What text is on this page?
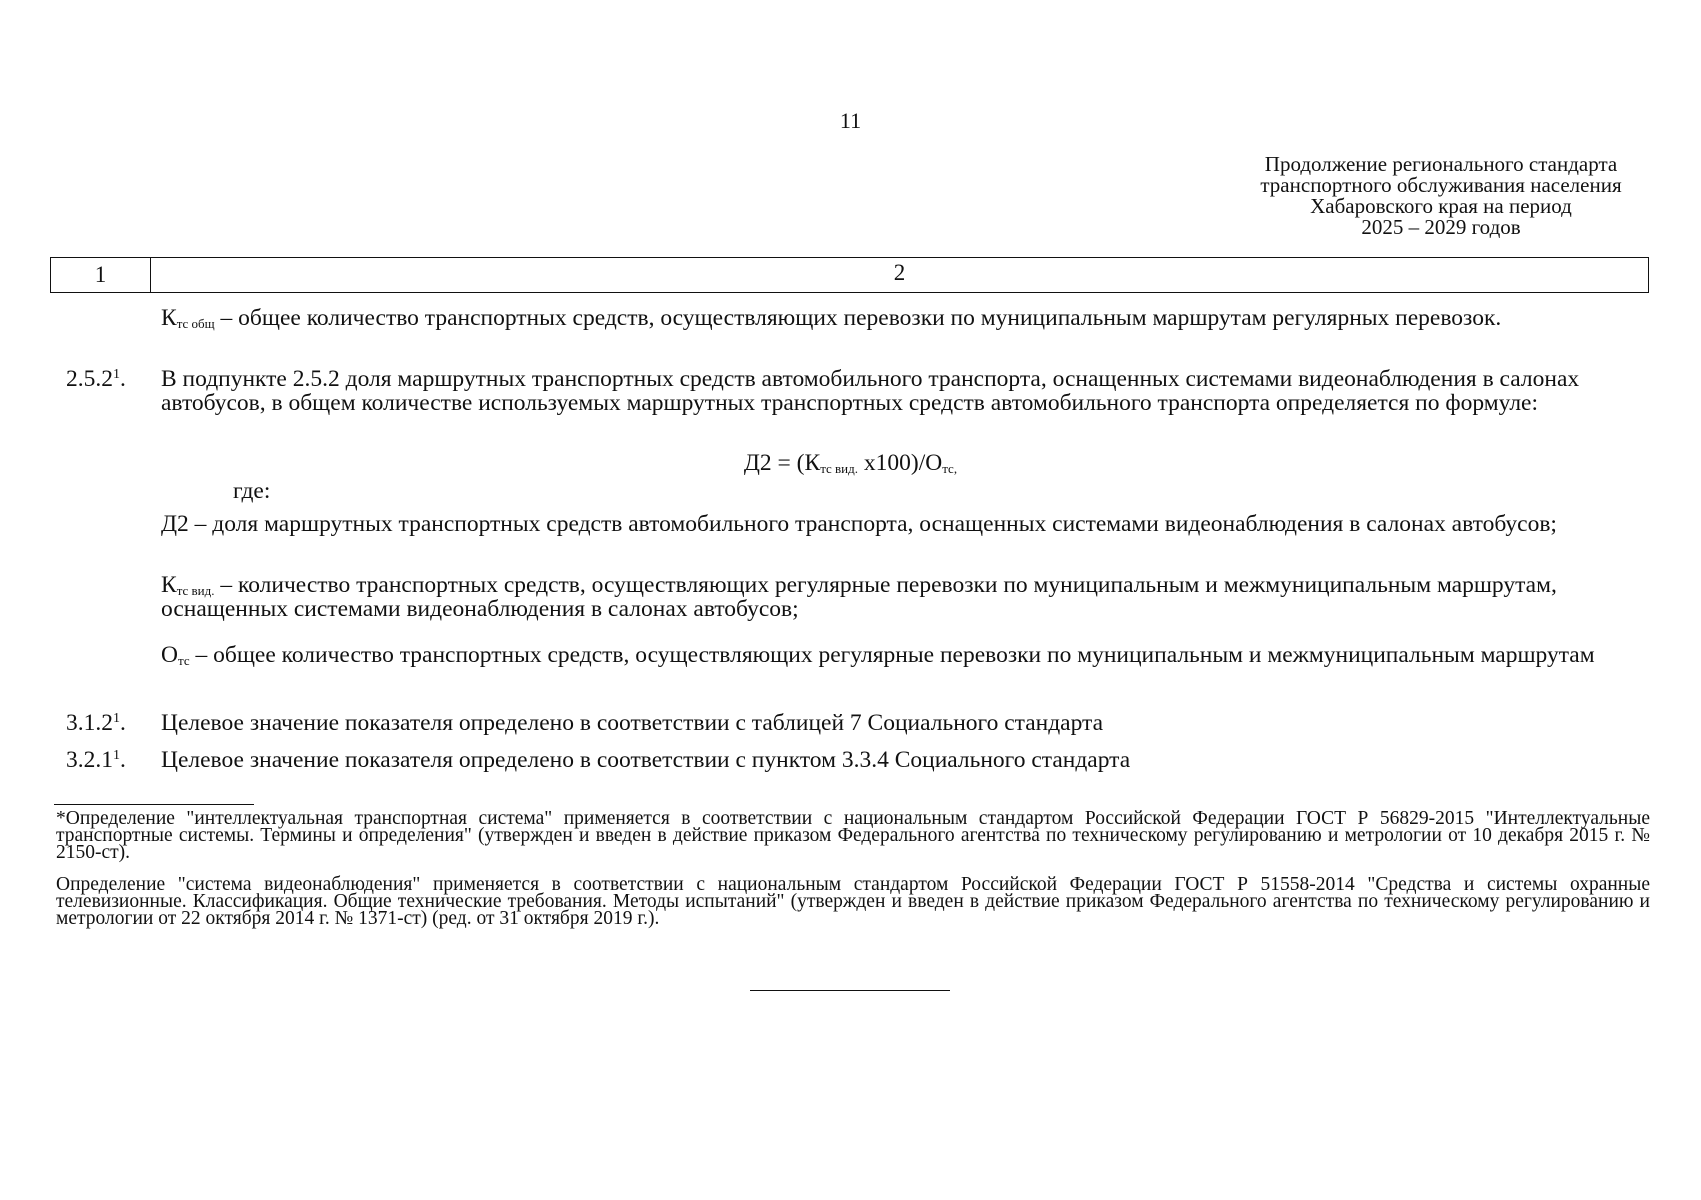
11
Продолжение регионального стандарта
транспортного обслуживания населения
Хабаровского края на период
2025 – 2029 годов
1	2
$К_{тс общ}$ – общее количество транспортных средств, осуществляющих перевозки по муниципальным маршрутам регулярных перевозок.
2.5.2$^1$.	В подпункте 2.5.2 доля маршрутных транспортных средств автомобильного транспорта, оснащенных системами видеонаблюдения в салонах автобусов, в общем количестве используемых маршрутных транспортных средств автомобильного транспорта определяется по формуле:
$Д2 = (К_{тс вид.}$ $х100)/О_{тс,}$
где:
Д2 – доля маршрутных транспортных средств автомобильного транспорта, оснащенных системами видеонаблюдения в салонах автобусов;
$К_{тс вид.}$ – количество транспортных средств, осуществляющих регулярные перевозки по муниципальным и межмуниципальным маршрутам, оснащенных системами видеонаблюдения в салонах автобусов;
$О_{тс}$ – общее количество транспортных средств, осуществляющих регулярные перевозки по муниципальным и межмуниципальным маршрутам
3.1.2$^1$.	Целевое значение показателя определено в соответствии с таблицей 7 Социального стандарта
3.2.1$^1$.	Целевое значение показателя определено в соответствии с пунктом 3.3.4 Социального стандарта
*Определение "интеллектуальная транспортная система" применяется в соответствии с национальным стандартом Российской Федерации ГОСТ Р 56829-2015 "Интеллектуальные транспортные системы. Термины и определения" (утвержден и введен в действие приказом Федерального агентства по техническому регулированию и метрологии от 10 декабря 2015 г. № 2150-ст).
Определение "система видеонаблюдения" применяется в соответствии с национальным стандартом Российской Федерации ГОСТ Р 51558-2014 "Средства и системы охранные телевизионные. Классификация. Общие технические требования. Методы испытаний" (утвержден и введен в действие приказом Федерального агентства по техническому регулированию и метрологии от 22 октября 2014 г. № 1371-ст) (ред. от 31 октября 2019 г.).
